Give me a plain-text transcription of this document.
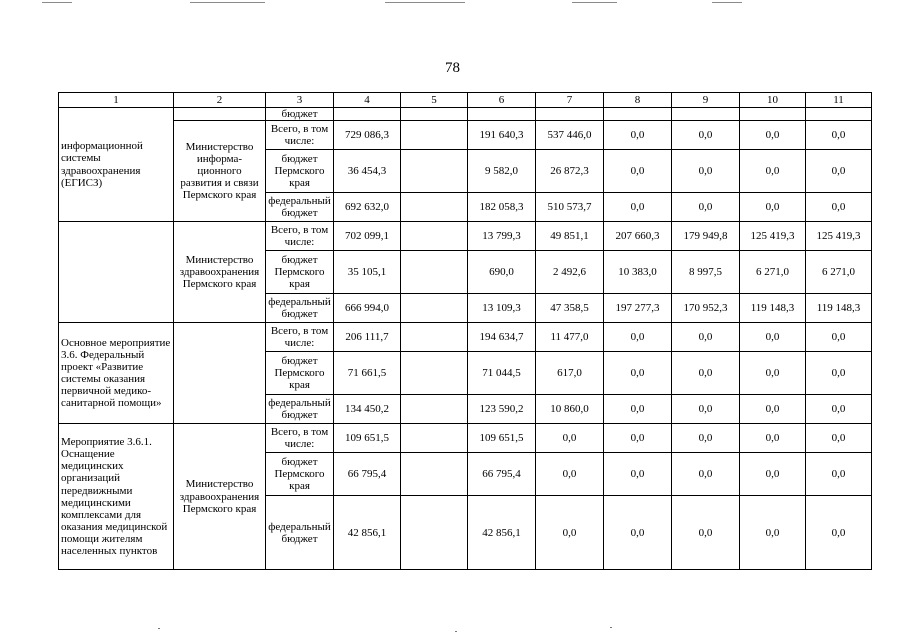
78
1	2	3	4	5	6	7	8	9	10	11
информационной системы здравоохранения (ЕГИСЗ)		бюджет								
	Министерство информа-ционного развития и связи Пермского края	Всего, в том числе:	729 086,3		191 640,3	537 446,0	0,0	0,0	0,0	0,0
		бюджет Пермского края	36 454,3		9 582,0	26 872,3	0,0	0,0	0,0	0,0
		федеральный бюджет	692 632,0		182 058,3	510 573,7	0,0	0,0	0,0	0,0
	Министерство здравоохранения Пермского края	Всего, в том числе:	702 099,1		13 799,3	49 851,1	207 660,3	179 949,8	125 419,3	125 419,3
		бюджет Пермского края	35 105,1		690,0	2 492,6	10 383,0	8 997,5	6 271,0	6 271,0
		федеральный бюджет	666 994,0		13 109,3	47 358,5	197 277,3	170 952,3	119 148,3	119 148,3
Основное мероприятие 3.6. Федеральный проект «Развитие системы оказания первичной медико-санитарной помощи»		Всего, в том числе:	206 111,7		194 634,7	11 477,0	0,0	0,0	0,0	0,0
		бюджет Пермского края	71 661,5		71 044,5	617,0	0,0	0,0	0,0	0,0
		федеральный бюджет	134 450,2		123 590,2	10 860,0	0,0	0,0	0,0	0,0
Мероприятие 3.6.1. Оснащение медицинских организаций передвижными медицинскими комплексами для оказания медицинской помощи жителям населенных пунктов	Министерство здравоохранения Пермского края	Всего, в том числе:	109 651,5		109 651,5	0,0	0,0	0,0	0,0	0,0
		бюджет Пермского края	66 795,4		66 795,4	0,0	0,0	0,0	0,0	0,0
		федеральный бюджет	42 856,1		42 856,1	0,0	0,0	0,0	0,0	0,0
